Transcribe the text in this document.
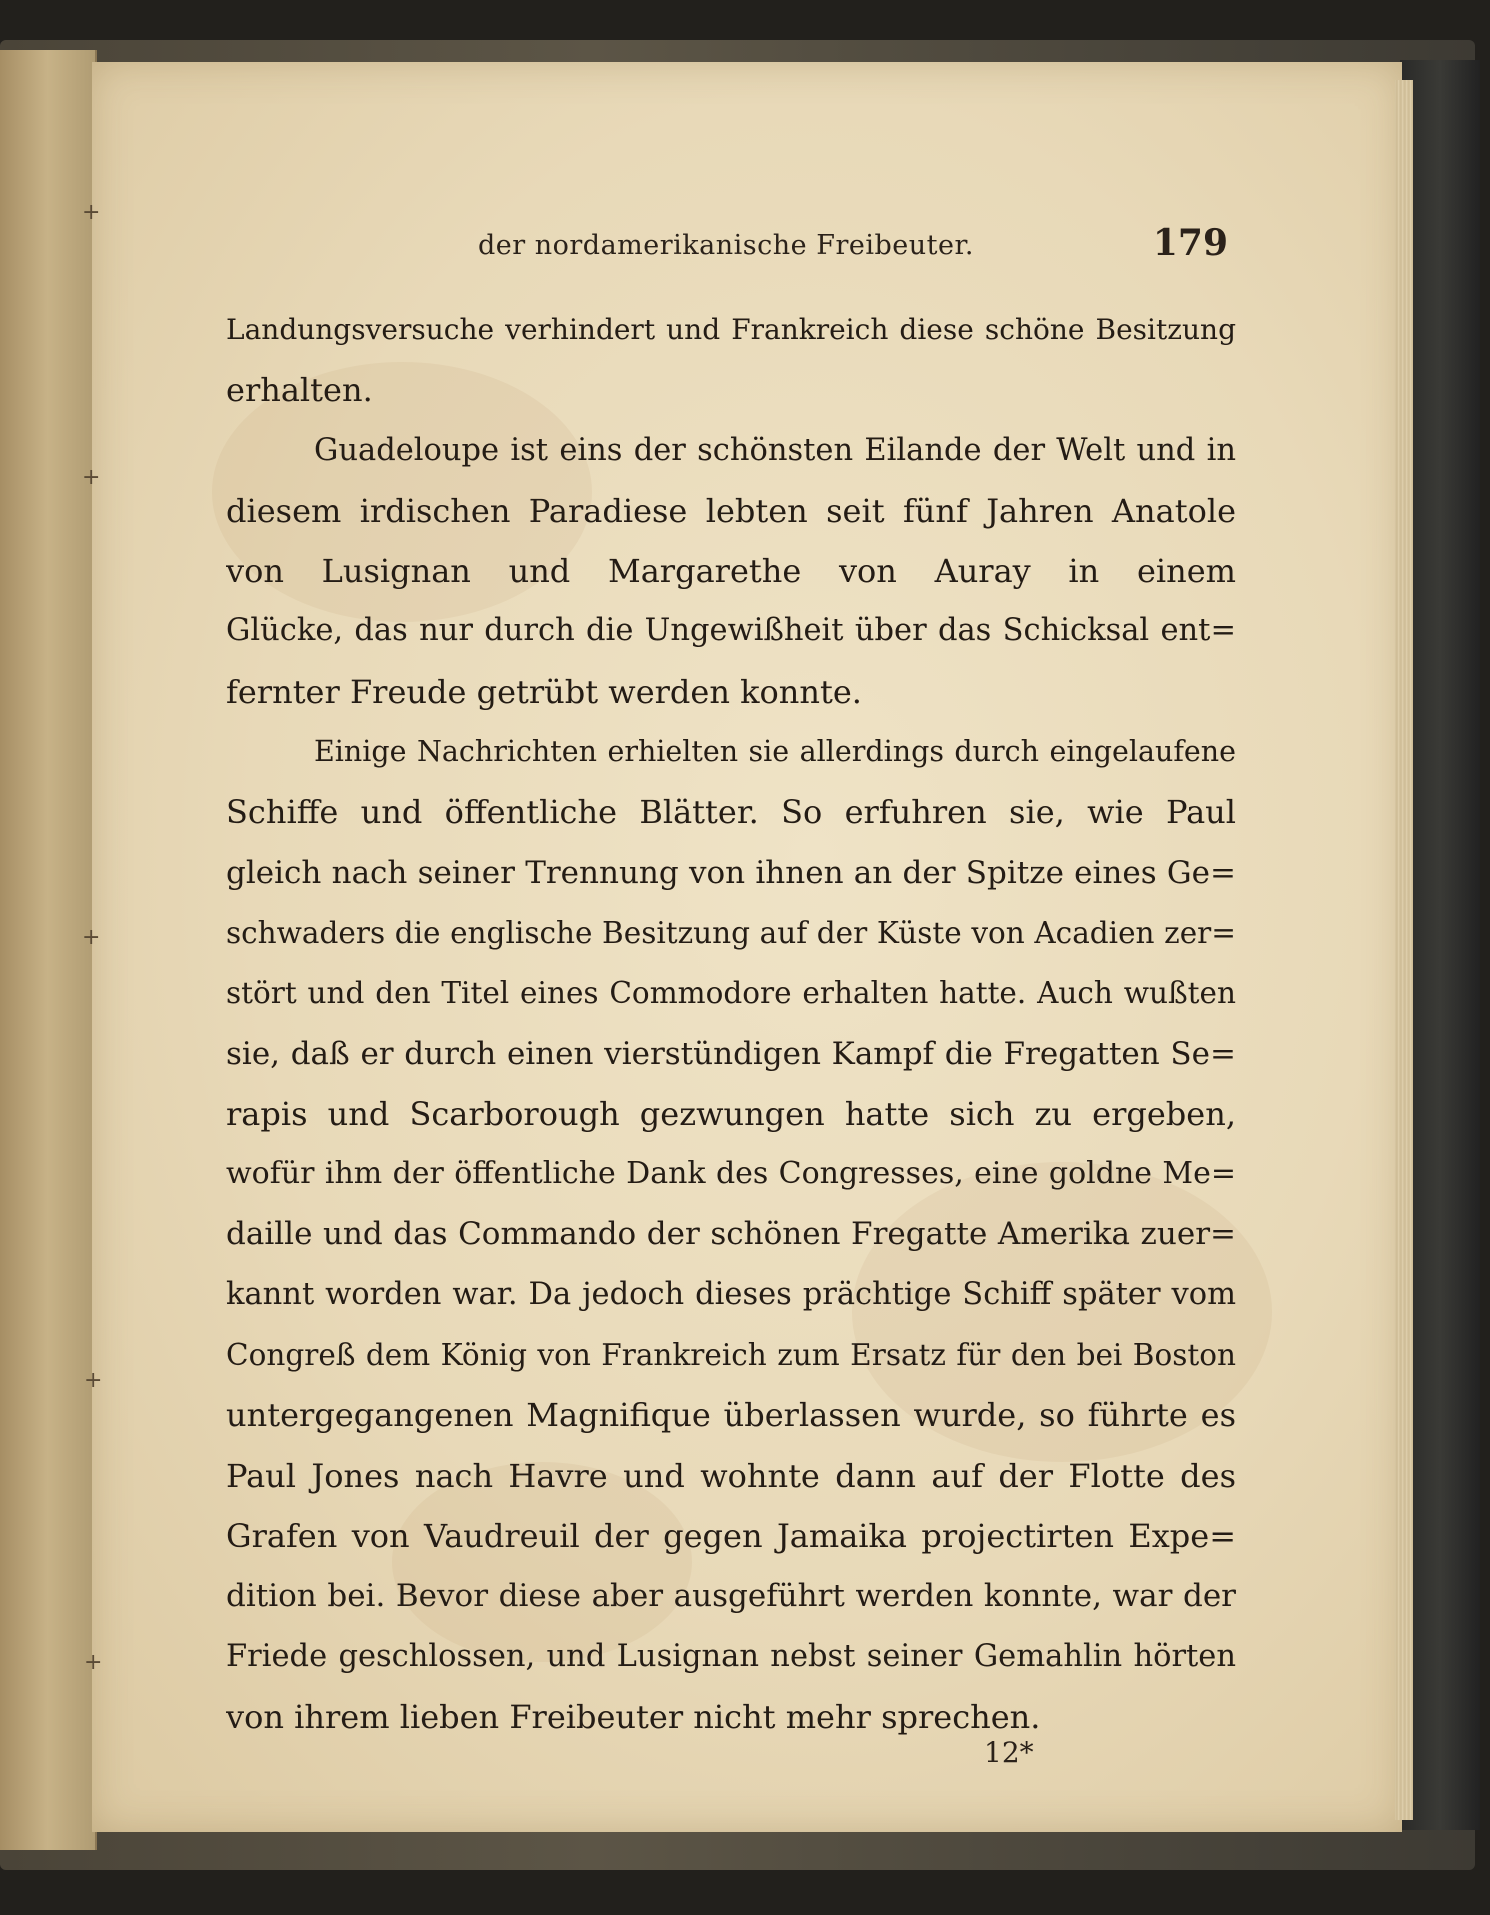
+
+
+
+
+
der nordamerikanische Freibeuter.	179
Landungsversuche verhindert und Frankreich diese schöne Besitzung
erhalten.
Guadeloupe ist eins der schönsten Eilande der Welt und in
diesem irdischen Paradiese lebten seit fünf Jahren Anatole
von Lusignan und Margarethe von Auray in einem
Glücke, das nur durch die Ungewißheit über das Schicksal ent=
fernter Freude getrübt werden konnte.
Einige Nachrichten erhielten sie allerdings durch eingelaufene
Schiffe und öffentliche Blätter. So erfuhren sie, wie Paul
gleich nach seiner Trennung von ihnen an der Spitze eines Ge=
schwaders die englische Besitzung auf der Küste von Acadien zer=
stört und den Titel eines Commodore erhalten hatte. Auch wußten
sie, daß er durch einen vierstündigen Kampf die Fregatten Se=
rapis und Scarborough gezwungen hatte sich zu ergeben,
wofür ihm der öffentliche Dank des Congresses, eine goldne Me=
daille und das Commando der schönen Fregatte Amerika zuer=
kannt worden war. Da jedoch dieses prächtige Schiff später vom
Congreß dem König von Frankreich zum Ersatz für den bei Boston
untergegangenen Magnifique überlassen wurde, so führte es
Paul Jones nach Havre und wohnte dann auf der Flotte des
Grafen von Vaudreuil der gegen Jamaika projectirten Expe=
dition bei. Bevor diese aber ausgeführt werden konnte, war der
Friede geschlossen, und Lusignan nebst seiner Gemahlin hörten
von ihrem lieben Freibeuter nicht mehr sprechen.
12*
